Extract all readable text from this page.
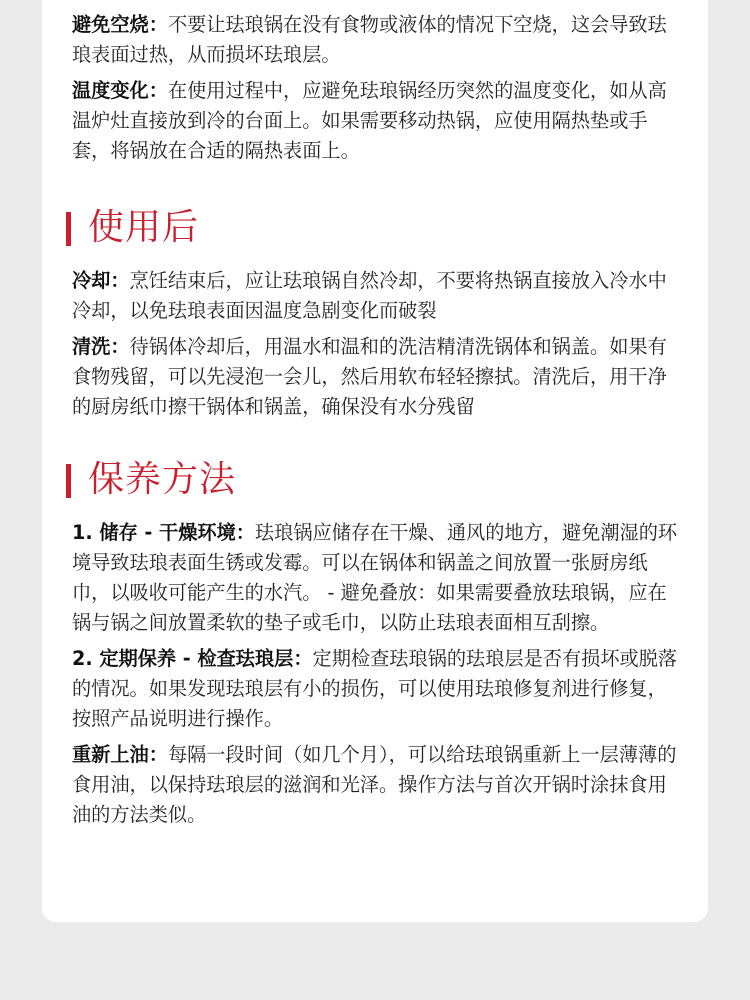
避免空烧：不要让珐琅锅在没有食物或液体的情况下空烧，这会导致珐琅表面过热，从而损坏珐琅层。

温度变化：在使用过程中，应避免珐琅锅经历突然的温度变化，如从高温炉灶直接放到冷的台面上。如果需要移动热锅，应使用隔热垫或手套，将锅放在合适的隔热表面上。

使用后

冷却：烹饪结束后，应让珐琅锅自然冷却，不要将热锅直接放入冷水中冷却，以免珐琅表面因温度急剧变化而破裂

清洗：待锅体冷却后，用温水和温和的洗洁精清洗锅体和锅盖。如果有食物残留，可以先浸泡一会儿，然后用软布轻轻擦拭。清洗后，用干净的厨房纸巾擦干锅体和锅盖，确保没有水分残留

保养方法

1. 储存 - 干燥环境：珐琅锅应储存在干燥、通风的地方，避免潮湿的环境导致珐琅表面生锈或发霉。可以在锅体和锅盖之间放置一张厨房纸巾，以吸收可能产生的水汽。 - 避免叠放：如果需要叠放珐琅锅，应在锅与锅之间放置柔软的垫子或毛巾，以防止珐琅表面相互刮擦。

2. 定期保养 - 检查珐琅层：定期检查珐琅锅的珐琅层是否有损坏或脱落的情况。如果发现珐琅层有小的损伤，可以使用珐琅修复剂进行修复，按照产品说明进行操作。

重新上油：每隔一段时间（如几个月），可以给珐琅锅重新上一层薄薄的食用油，以保持珐琅层的滋润和光泽。操作方法与首次开锅时涂抹食用油的方法类似。
